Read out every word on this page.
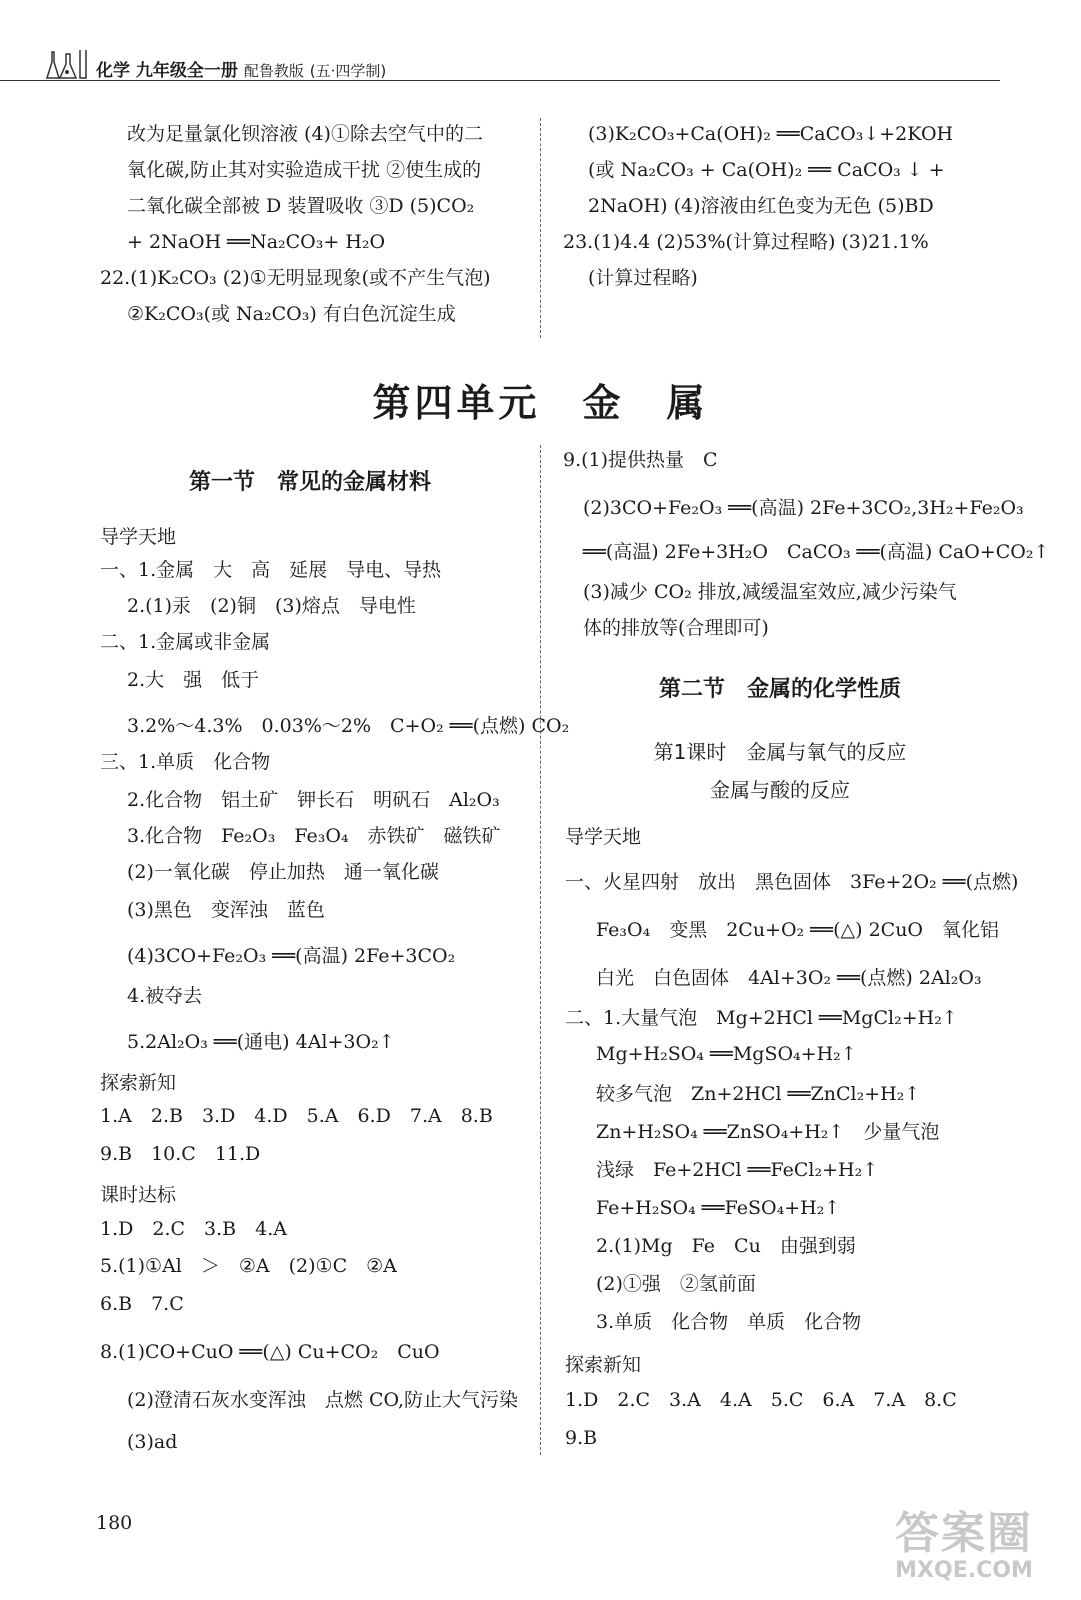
化学 九年级全一册 配鲁教版 (五·四学制)
改为足量氯化钡溶液 (4)①除去空气中的二
氧化碳,防止其对实验造成干扰 ②使生成的
二氧化碳全部被 D 装置吸收 ③D (5)CO₂
+ 2NaOH ══Na₂CO₃+ H₂O
22.(1)K₂CO₃ (2)①无明显现象(或不产生气泡)
②K₂CO₃(或 Na₂CO₃) 有白色沉淀生成
(3)K₂CO₃+Ca(OH)₂ ══CaCO₃↓+2KOH
(或 Na₂CO₃ + Ca(OH)₂ ══ CaCO₃ ↓ +
2NaOH) (4)溶液由红色变为无色 (5)BD
23.(1)4.4 (2)53%(计算过程略) (3)21.1%
(计算过程略)
第四单元　金　属
第一节　常见的金属材料
导学天地
一、1.金属　大　高　延展　导电、导热
2.(1)汞　(2)铜　(3)熔点　导电性
二、1.金属或非金属
2.大　强　低于
3.2%～4.3%　0.03%～2%　C+O₂ ══(点燃) CO₂
三、1.单质　化合物
2.化合物　铝土矿　钾长石　明矾石　Al₂O₃
3.化合物　Fe₂O₃　Fe₃O₄　赤铁矿　磁铁矿
(2)一氧化碳　停止加热　通一氧化碳
(3)黑色　变浑浊　蓝色
(4)3CO+Fe₂O₃ ══(高温) 2Fe+3CO₂
4.被夺去
5.2Al₂O₃ ══(通电) 4Al+3O₂↑
探索新知
1.A　2.B　3.D　4.D　5.A　6.D　7.A　8.B
9.B　10.C　11.D
课时达标
1.D　2.C　3.B　4.A
5.(1)①Al　＞　②A　(2)①C　②A
6.B　7.C
8.(1)CO+CuO ══(△) Cu+CO₂　CuO
(2)澄清石灰水变浑浊　点燃 CO,防止大气污染
(3)ad
9.(1)提供热量　C
(2)3CO+Fe₂O₃ ══(高温) 2Fe+3CO₂,3H₂+Fe₂O₃
══(高温) 2Fe+3H₂O　CaCO₃ ══(高温) CaO+CO₂↑
(3)减少 CO₂ 排放,减缓温室效应,减少污染气
体的排放等(合理即可)
第二节　金属的化学性质
第1课时　金属与氧气的反应
金属与酸的反应
导学天地
一、火星四射　放出　黑色固体　3Fe+2O₂ ══(点燃)
Fe₃O₄　变黑　2Cu+O₂ ══(△) 2CuO　氧化铝
白光　白色固体　4Al+3O₂ ══(点燃) 2Al₂O₃
二、1.大量气泡　Mg+2HCl ══MgCl₂+H₂↑
Mg+H₂SO₄ ══MgSO₄+H₂↑
较多气泡　Zn+2HCl ══ZnCl₂+H₂↑
Zn+H₂SO₄ ══ZnSO₄+H₂↑　少量气泡
浅绿　Fe+2HCl ══FeCl₂+H₂↑
Fe+H₂SO₄ ══FeSO₄+H₂↑
2.(1)Mg　Fe　Cu　由强到弱
(2)①强　②氢前面
3.单质　化合物　单质　化合物
探索新知
1.D　2.C　3.A　4.A　5.C　6.A　7.A　8.C
9.B
180	答案圈
MXQE.COM
